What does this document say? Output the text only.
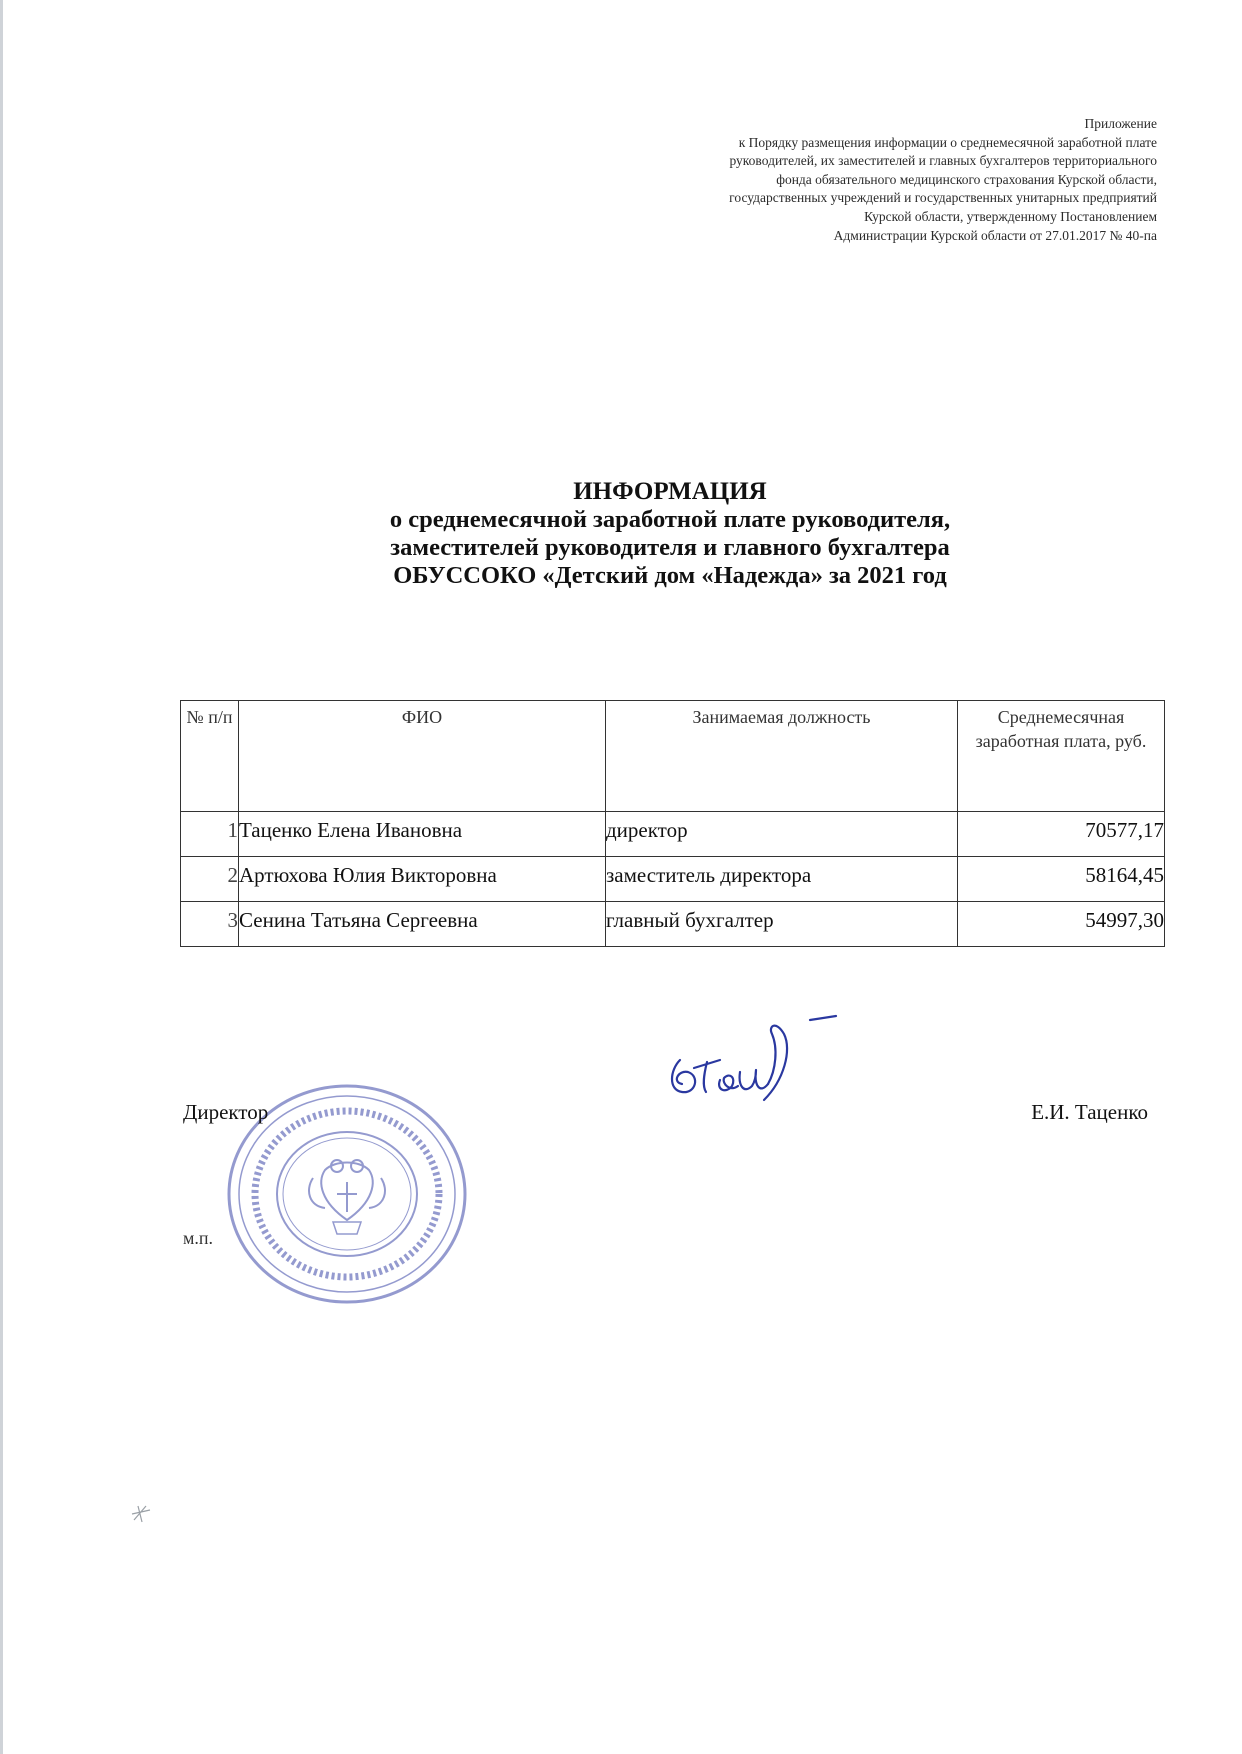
Приложение
к Порядку размещения информации о среднемесячной заработной плате
руководителей, их заместителей и главных бухгалтеров территориального
фонда обязательного медицинского страхования Курской области,
государственных учреждений и государственных унитарных предприятий
Курской области, утвержденному Постановлением
Администрации Курской области от 27.01.2017 № 40-па
ИНФОРМАЦИЯ
о среднемесячной заработной плате руководителя,
заместителей руководителя и главного бухгалтера
ОБУССОКО «Детский дом «Надежда» за 2021 год
№ п/п	ФИО	Занимаемая должность	Среднемесячная заработная плата, руб.
1	Таценко Елена Ивановна	директор	70577,17
2	Артюхова Юлия Викторовна	заместитель директора	58164,45
3	Сенина Татьяна Сергеевна	главный бухгалтер	54997,30
Директор	Е.И. Таценко
м.п.
